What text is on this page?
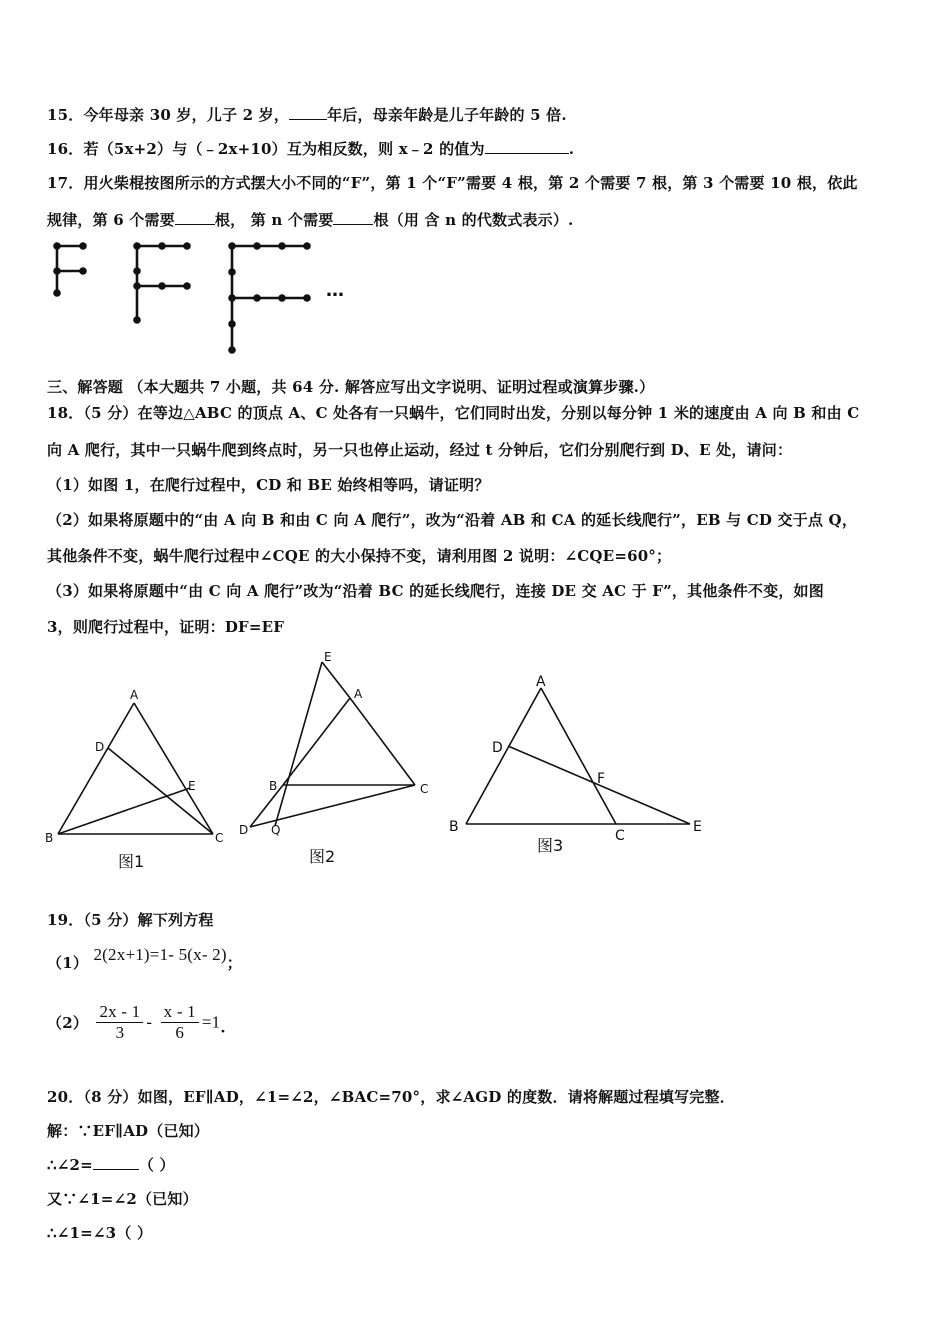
15．今年母亲 30 岁，儿子 2 岁，	年后，母亲年龄是儿子年龄的 5 倍.
16．若（5x+2）与（﹣2x+10）互为相反数，则 x﹣2 的值为	.
17．用火柴棍按图所示的方式摆大小不同的“F”，第 1 个“F”需要 4 根，第 2 个需要 7 根，第 3 个需要 10 根，依此
规律，第 6 个需要	根， 第 n 个需要	根（用 含 n 的代数式表示）.
…
三、解答题 （本大题共 7 小题，共 64 分. 解答应写出文字说明、证明过程或演算步骤.）
18．（5 分）在等边△ABC 的顶点 A、C 处各有一只蜗牛，它们同时出发，分别以每分钟 1 米的速度由 A 向 B 和由 C
向 A 爬行，其中一只蜗牛爬到终点时，另一只也停止运动，经过 t 分钟后，它们分别爬行到 D、E 处，请问：
（1）如图 1，在爬行过程中，CD 和 BE 始终相等吗，请证明？
（2）如果将原题中的“由 A 向 B 和由 C 向 A 爬行”，改为“沿着 AB 和 CA 的延长线爬行”，EB 与 CD 交于点 Q，
其他条件不变，蜗牛爬行过程中∠CQE 的大小保持不变，请利用图 2 说明：∠CQE=60°；
（3）如果将原题中“由 C 向 A 爬行”改为“沿着 BC 的延长线爬行，连接 DE 交 AC 于 F”，其他条件不变，如图
3，则爬行过程中，证明：DF=EF
A
B	C
D
E
E
A
B	C
D Q
A
B
C
D
E
F
图1	图2
图3
19．（5 分）解下列方程
（1） 2(2x+1)=1- 5(x- 2)；
$(2) \frac{2x - 1}{3} - \frac{x - 1}{6} =1$.
20．（8 分）如图，EF∥AD，∠1=∠2，∠BAC=70°，求∠AGD 的度数．请将解题过程填写完整．
解：∵EF∥AD（已知）
∴∠2=	（ ）
又∵∠1=∠2（已知）
∴∠1=∠3（ ）
